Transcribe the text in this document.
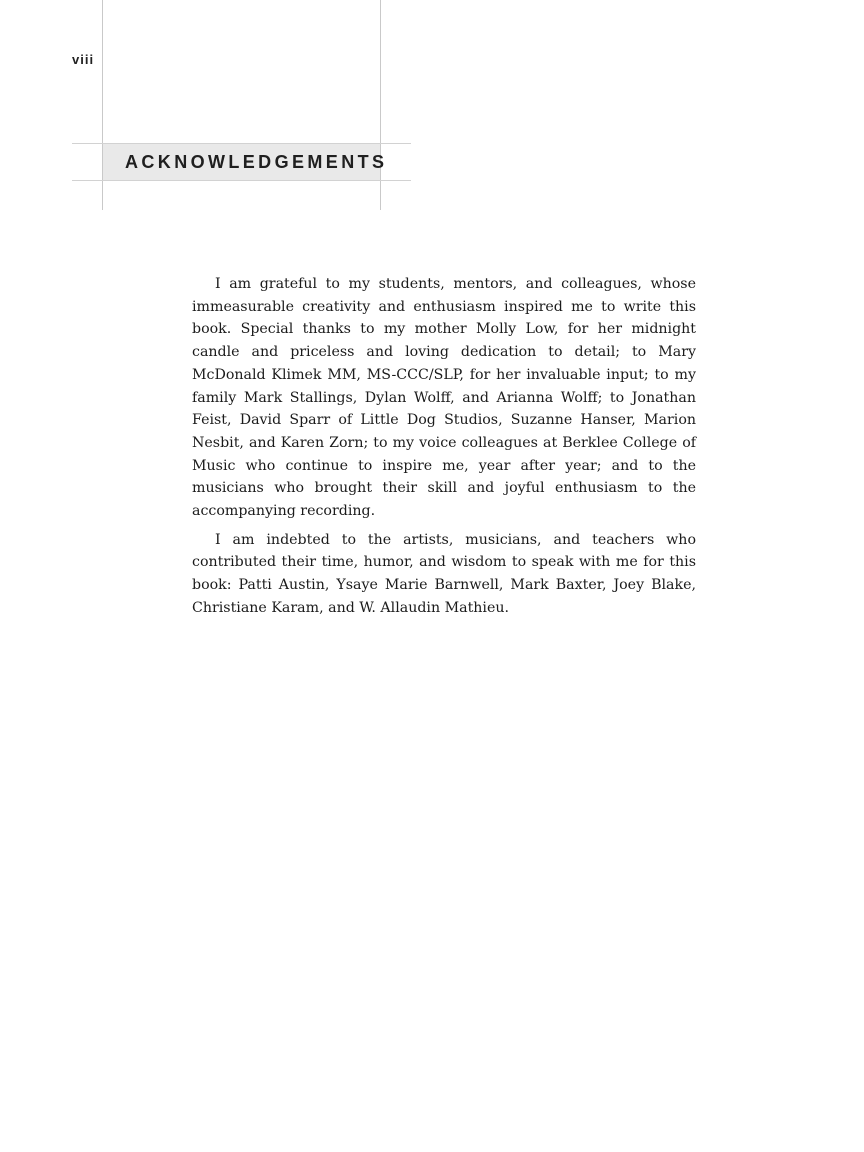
viii
ACKNOWLEDGEMENTS

I am grateful to my students, mentors, and colleagues, whose immeasurable creativity and enthusiasm inspired me to write this book. Special thanks to my mother Molly Low, for her midnight candle and priceless and loving dedication to detail; to Mary McDonald Klimek MM, MS-CCC/SLP, for her invaluable input; to my family Mark Stallings, Dylan Wolff, and Arianna Wolff; to Jonathan Feist, David Sparr of Little Dog Studios, Suzanne Hanser, Marion Nesbit, and Karen Zorn; to my voice colleagues at Berklee College of Music who continue to inspire me, year after year; and to the musicians who brought their skill and joyful enthusiasm to the accompanying recording.

I am indebted to the artists, musicians, and teachers who contributed their time, humor, and wisdom to speak with me for this book: Patti Austin, Ysaye Marie Barnwell, Mark Baxter, Joey Blake, Christiane Karam, and W. Allaudin Mathieu.
